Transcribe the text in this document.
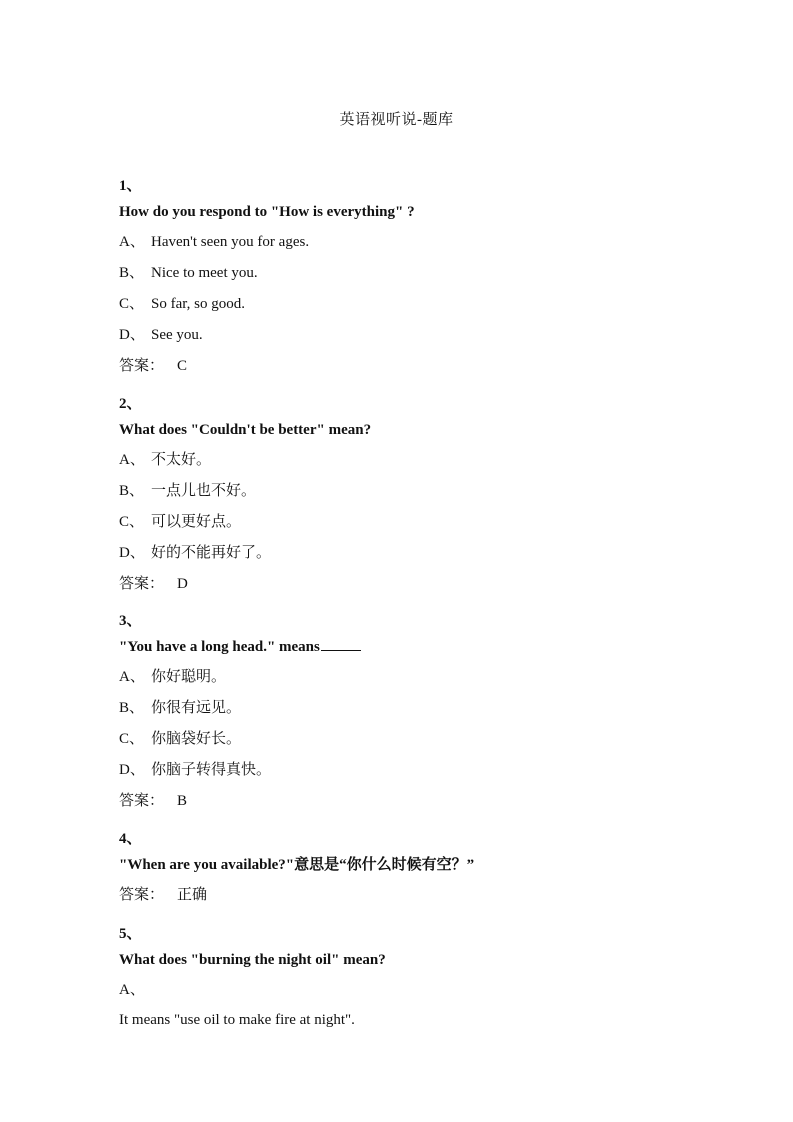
英语视听说-题库
1、
How do you respond to "How is everything" ?
A、 Haven't seen you for ages.
B、 Nice to meet you.
C、 So far, so good.
D、 See you.
答案： C
2、
What does "Couldn't be better" mean?
A、 不太好。
B、 一点儿也不好。
C、 可以更好点。
D、 好的不能再好了。
答案： D
3、
"You have a long head." means
A、 你好聪明。
B、 你很有远见。
C、 你脑袋好长。
D、 你脑子转得真快。
答案： B
4、
"When are you available?"意思是“你什么时候有空？”
答案： 正确
5、
What does "burning the night oil" mean?
A、
It means "use oil to make fire at night".
